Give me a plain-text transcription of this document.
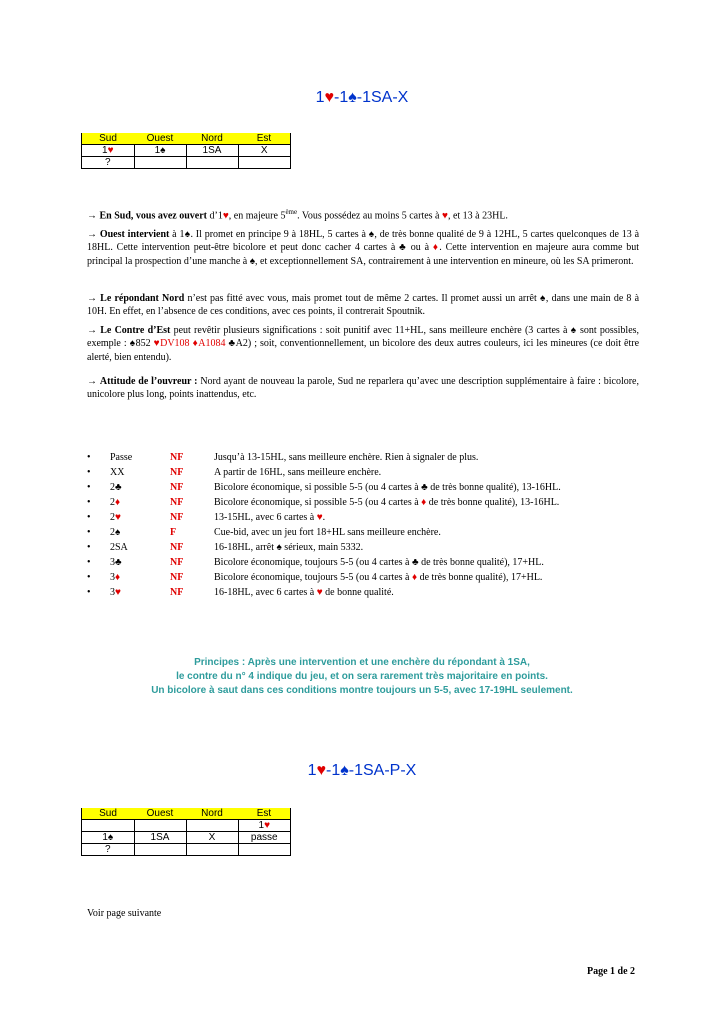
1♥-1♠-1SA-X
Sud	Ouest	Nord	Est
1♥	1♠	1SA	X
?			
→ En Sud, vous avez ouvert d’1♥, en majeure 5ème. Vous possédez au moins 5 cartes à ♥, et 13 à 23HL.
→ Ouest intervient à 1♠. Il promet en principe 9 à 18HL, 5 cartes à ♠, de très bonne qualité de 9 à 12HL, 5 cartes quelconques de 13 à 18HL. Cette intervention peut-être bicolore et peut donc cacher 4 cartes à ♣ ou à ♦. Cette intervention en majeure aura comme but principal la prospection d’une manche à ♠, et exceptionnellement SA, contrairement à une intervention en mineure, où les SA primeront.
→ Le répondant Nord n’est pas fitté avec vous, mais promet tout de même 2 cartes. Il promet aussi un arrêt ♠, dans une main de 8 à 10H. En effet, en l’absence de ces conditions, avec ces points, il contrerait Spoutnik.
→ Le Contre d’Est peut revêtir plusieurs significations : soit punitif avec 11+HL, sans meilleure enchère (3 cartes à ♠ sont possibles, exemple : ♠852 ♥DV108 ♦A1084 ♣A2) ; soit, conventionnellement, un bicolore des deux autres couleurs, ici les mineures (ce doit être alerté, bien entendu).
→ Attitude de l’ouvreur : Nord ayant de nouveau la parole, Sud ne reparlera qu’avec une description supplémentaire à faire : bicolore, unicolore plus long, points inattendus, etc.
• Passe	NF	Jusqu’à 13-15HL, sans meilleure enchère. Rien à signaler de plus.
• XX	NF	A partir de 16HL, sans meilleure enchère.
• 2♣	NF	Bicolore économique, si possible 5-5 (ou 4 cartes à ♣ de très bonne qualité), 13-16HL.
• 2♦	NF	Bicolore économique, si possible 5-5 (ou 4 cartes à ♦ de très bonne qualité), 13-16HL.
• 2♥	NF	13-15HL, avec 6 cartes à ♥.
• 2♠	F	Cue-bid, avec un jeu fort 18+HL sans meilleure enchère.
• 2SA	NF	16-18HL, arrêt ♠ sérieux, main 5332.
• 3♣	NF	Bicolore économique, toujours 5-5 (ou 4 cartes à ♣ de très bonne qualité), 17+HL.
• 3♦	NF	Bicolore économique, toujours 5-5 (ou 4 cartes à ♦ de très bonne qualité), 17+HL.
• 3♥	NF	16-18HL, avec 6 cartes à ♥ de bonne qualité.
Principes : Après une intervention et une enchère du répondant à 1SA,
le contre du n° 4 indique du jeu, et on sera rarement très majoritaire en points.
Un bicolore à saut dans ces conditions montre toujours un 5-5, avec 17-19HL seulement.
1♥-1♠-1SA-P-X
Sud	Ouest	Nord	Est
			1♥
1♠	1SA	X	passe
?			
Voir page suivante
Page 1 de 2
